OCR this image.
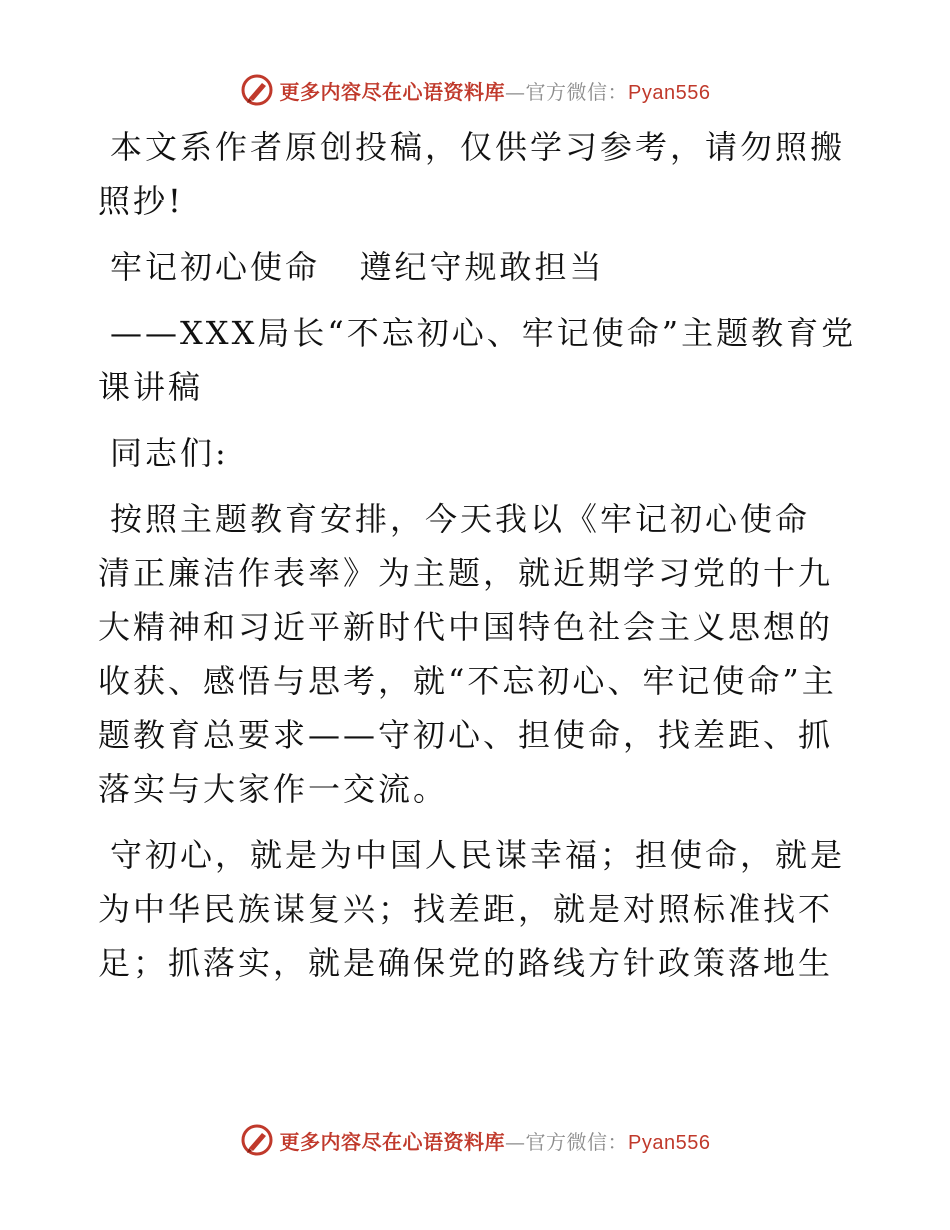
更多内容尽在心语资料库—官方微信：Pyan556

本文系作者原创投稿，仅供学习参考，请勿照搬照抄!

牢记初心使命   遵纪守规敢担当

——XXX局长“不忘初心、牢记使命”主题教育党课讲稿

同志们:

按照主题教育安排，今天我以《牢记初心使命 清正廉洁作表率》为主题，就近期学习党的十九大精神和习近平新时代中国特色社会主义思想的收获、感悟与思考，就“不忘初心、牢记使命”主题教育总要求——守初心、担使命，找差距、抓落实与大家作一交流。

守初心，就是为中国人民谋幸福；担使命，就是为中华民族谋复兴；找差距，就是对照标准找不足；抓落实，就是确保党的路线方针政策落地生

更多内容尽在心语资料库—官方微信：Pyan556
